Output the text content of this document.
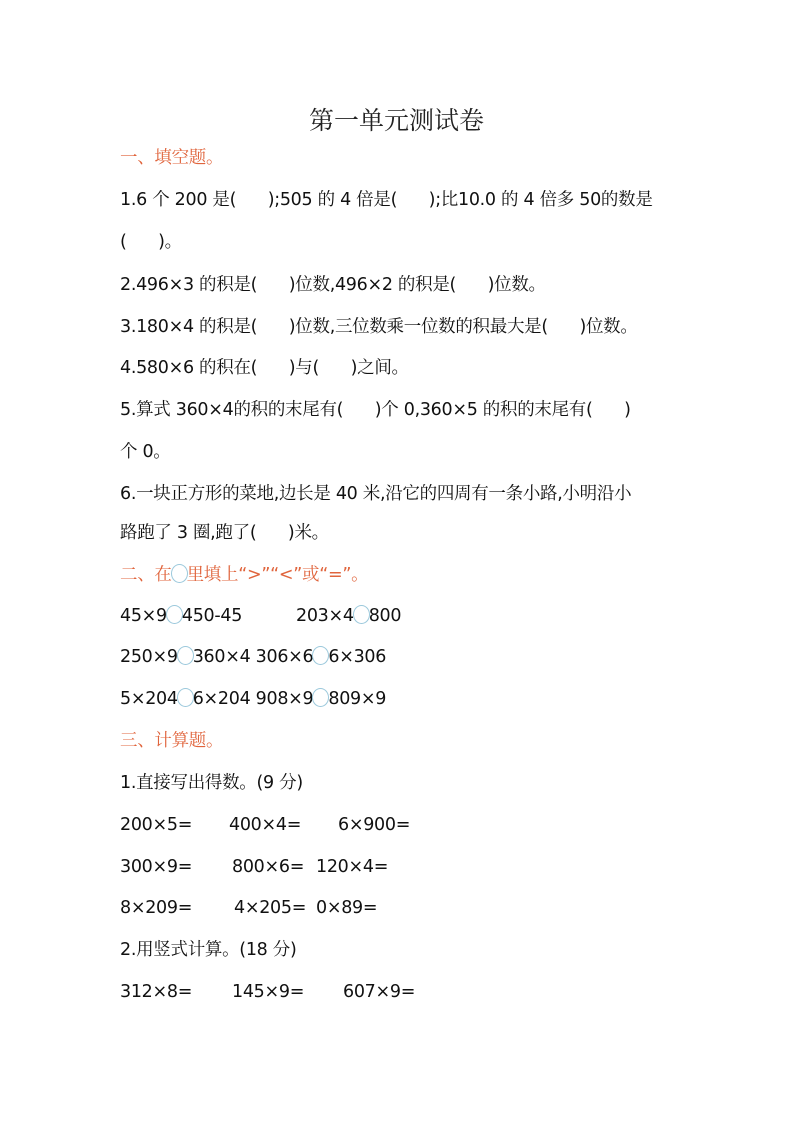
第一单元测试卷
一、填空题。
1.6 个 200 是(      );505 的 4 倍是(      );比10.0 的 4 倍多 50的数是
(      )。
2.496×3 的积是(      )位数,496×2 的积是(      )位数。
3.180×4 的积是(      )位数,三位数乘一位数的积最大是(      )位数。
4.580×6 的积在(      )与(      )之间。
5.算式 360×4的积的末尾有(      )个 0,360×5 的积的末尾有(      )
个 0。
6.一块正方形的菜地,边长是 40 米,沿它的四周有一条小路,小明沿小
路跑了 3 圈,跑了(      )米。
二、在 里填上“>”“<”或“=”。
45×9 450-45	203×4 800
250×9 360×4 306×6 6×306
5×204 6×204 908×9 809×9
三、计算题。
1.直接写出得数。(9 分)
200×5= 400×4= 6×900=
300×9= 800×6= 120×4=
8×209= 4×205= 0×89=
2.用竖式计算。(18 分)
312×8= 145×9= 607×9=
